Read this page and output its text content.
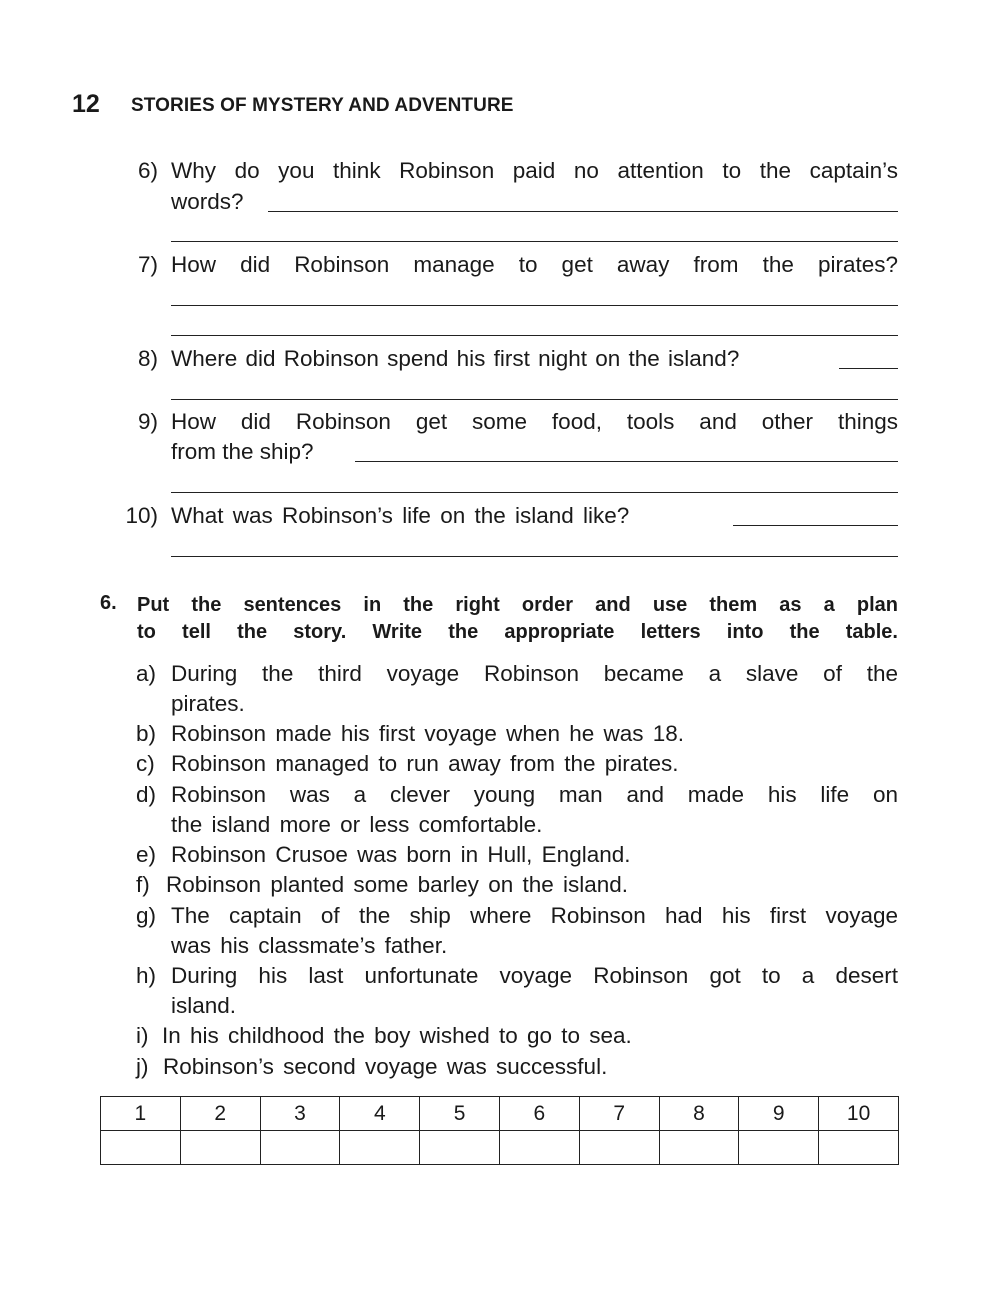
12 STORIES OF MYSTERY AND ADVENTURE
6) Why do you think Robinson paid no attention to the captain’s
words?
7) How did Robinson manage to get away from the pirates?
8) Where did Robinson spend his first night on the island?
9) How did Robinson get some food, tools and other things
from the ship?
10) What was Robinson’s life on the island like?
6. Put the sentences in the right order and use them as a plan
to tell the story. Write the appropriate letters into the table.
a) During the third voyage Robinson became a slave of the
pirates.
b) Robinson made his first voyage when he was 18.
c) Robinson managed to run away from the pirates.
d) Robinson was a clever young man and made his life on
the island more or less comfortable.
e) Robinson Crusoe was born in Hull, England.
f) Robinson planted some barley on the island.
g) The captain of the ship where Robinson had his first voyage
was his classmate’s father.
h) During his last unfortunate voyage Robinson got to a desert
island.
i) In his childhood the boy wished to go to sea.
j) Robinson’s second voyage was successful.
1	2	3	4	5	6	7	8	9	10
